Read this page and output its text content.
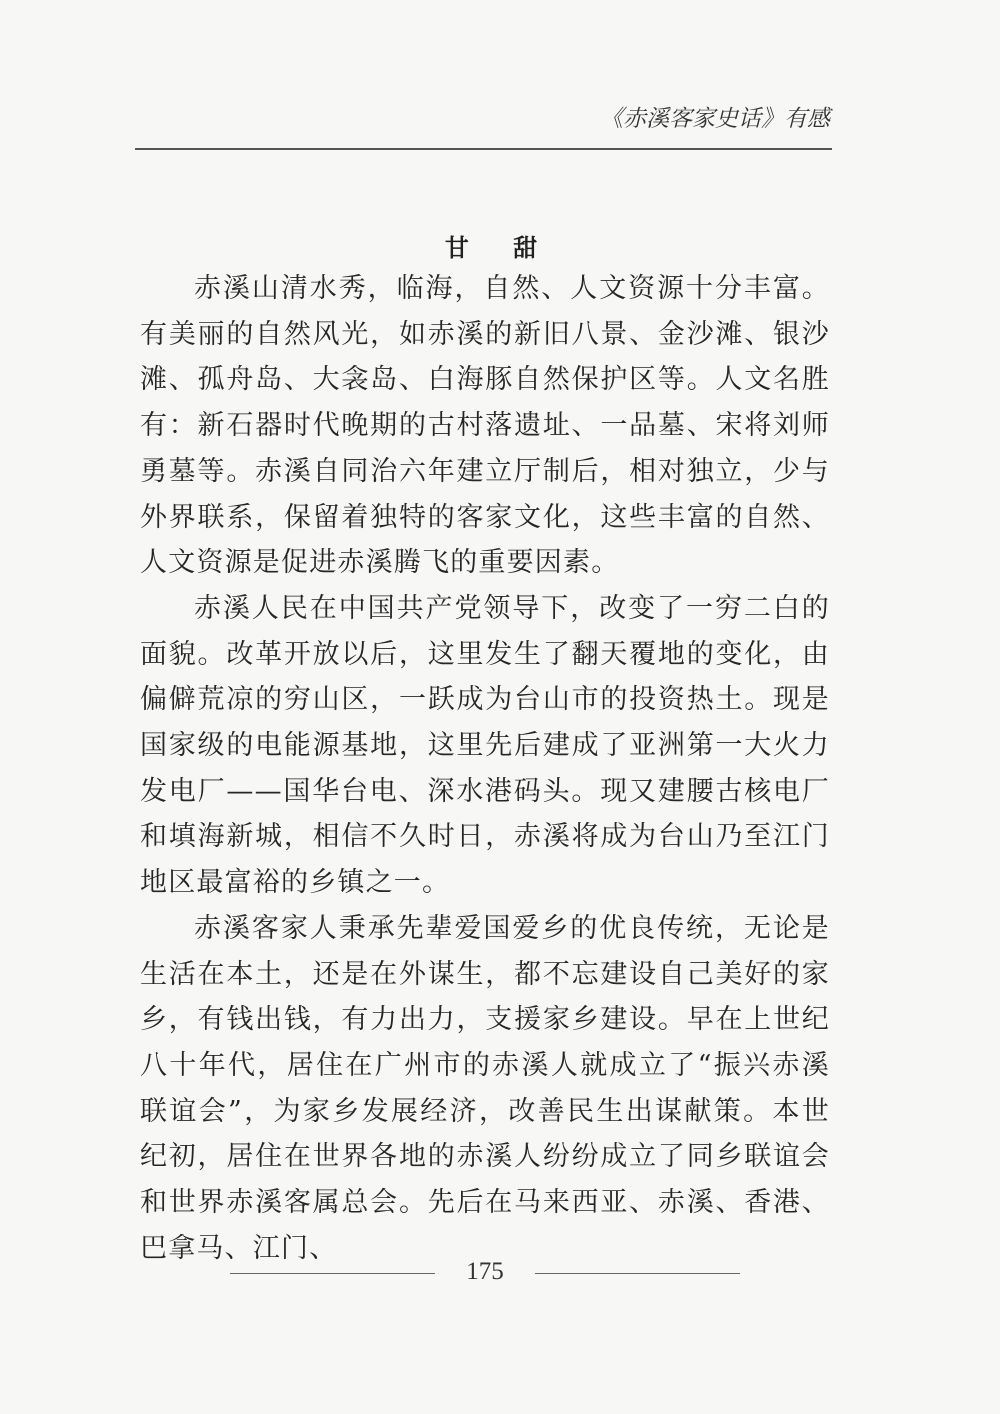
《赤溪客家史话》有感
甘 甜

赤溪山清水秀，临海，自然、人文资源十分丰富。有美丽的自然风光，如赤溪的新旧八景、金沙滩、银沙滩、孤舟岛、大衾岛、白海豚自然保护区等。人文名胜有：新石器时代晚期的古村落遗址、一品墓、宋将刘师勇墓等。赤溪自同治六年建立厅制后，相对独立，少与外界联系，保留着独特的客家文化，这些丰富的自然、人文资源是促进赤溪腾飞的重要因素。

赤溪人民在中国共产党领导下，改变了一穷二白的面貌。改革开放以后，这里发生了翻天覆地的变化，由偏僻荒凉的穷山区，一跃成为台山市的投资热土。现是国家级的电能源基地，这里先后建成了亚洲第一大火力发电厂——国华台电、深水港码头。现又建腰古核电厂和填海新城，相信不久时日，赤溪将成为台山乃至江门地区最富裕的乡镇之一。

赤溪客家人秉承先辈爱国爱乡的优良传统，无论是生活在本土，还是在外谋生，都不忘建设自己美好的家乡，有钱出钱，有力出力，支援家乡建设。早在上世纪八十年代，居住在广州市的赤溪人就成立了“振兴赤溪联谊会”，为家乡发展经济，改善民生出谋献策。本世纪初，居住在世界各地的赤溪人纷纷成立了同乡联谊会和世界赤溪客属总会。先后在马来西亚、赤溪、香港、巴拿马、江门、

175
